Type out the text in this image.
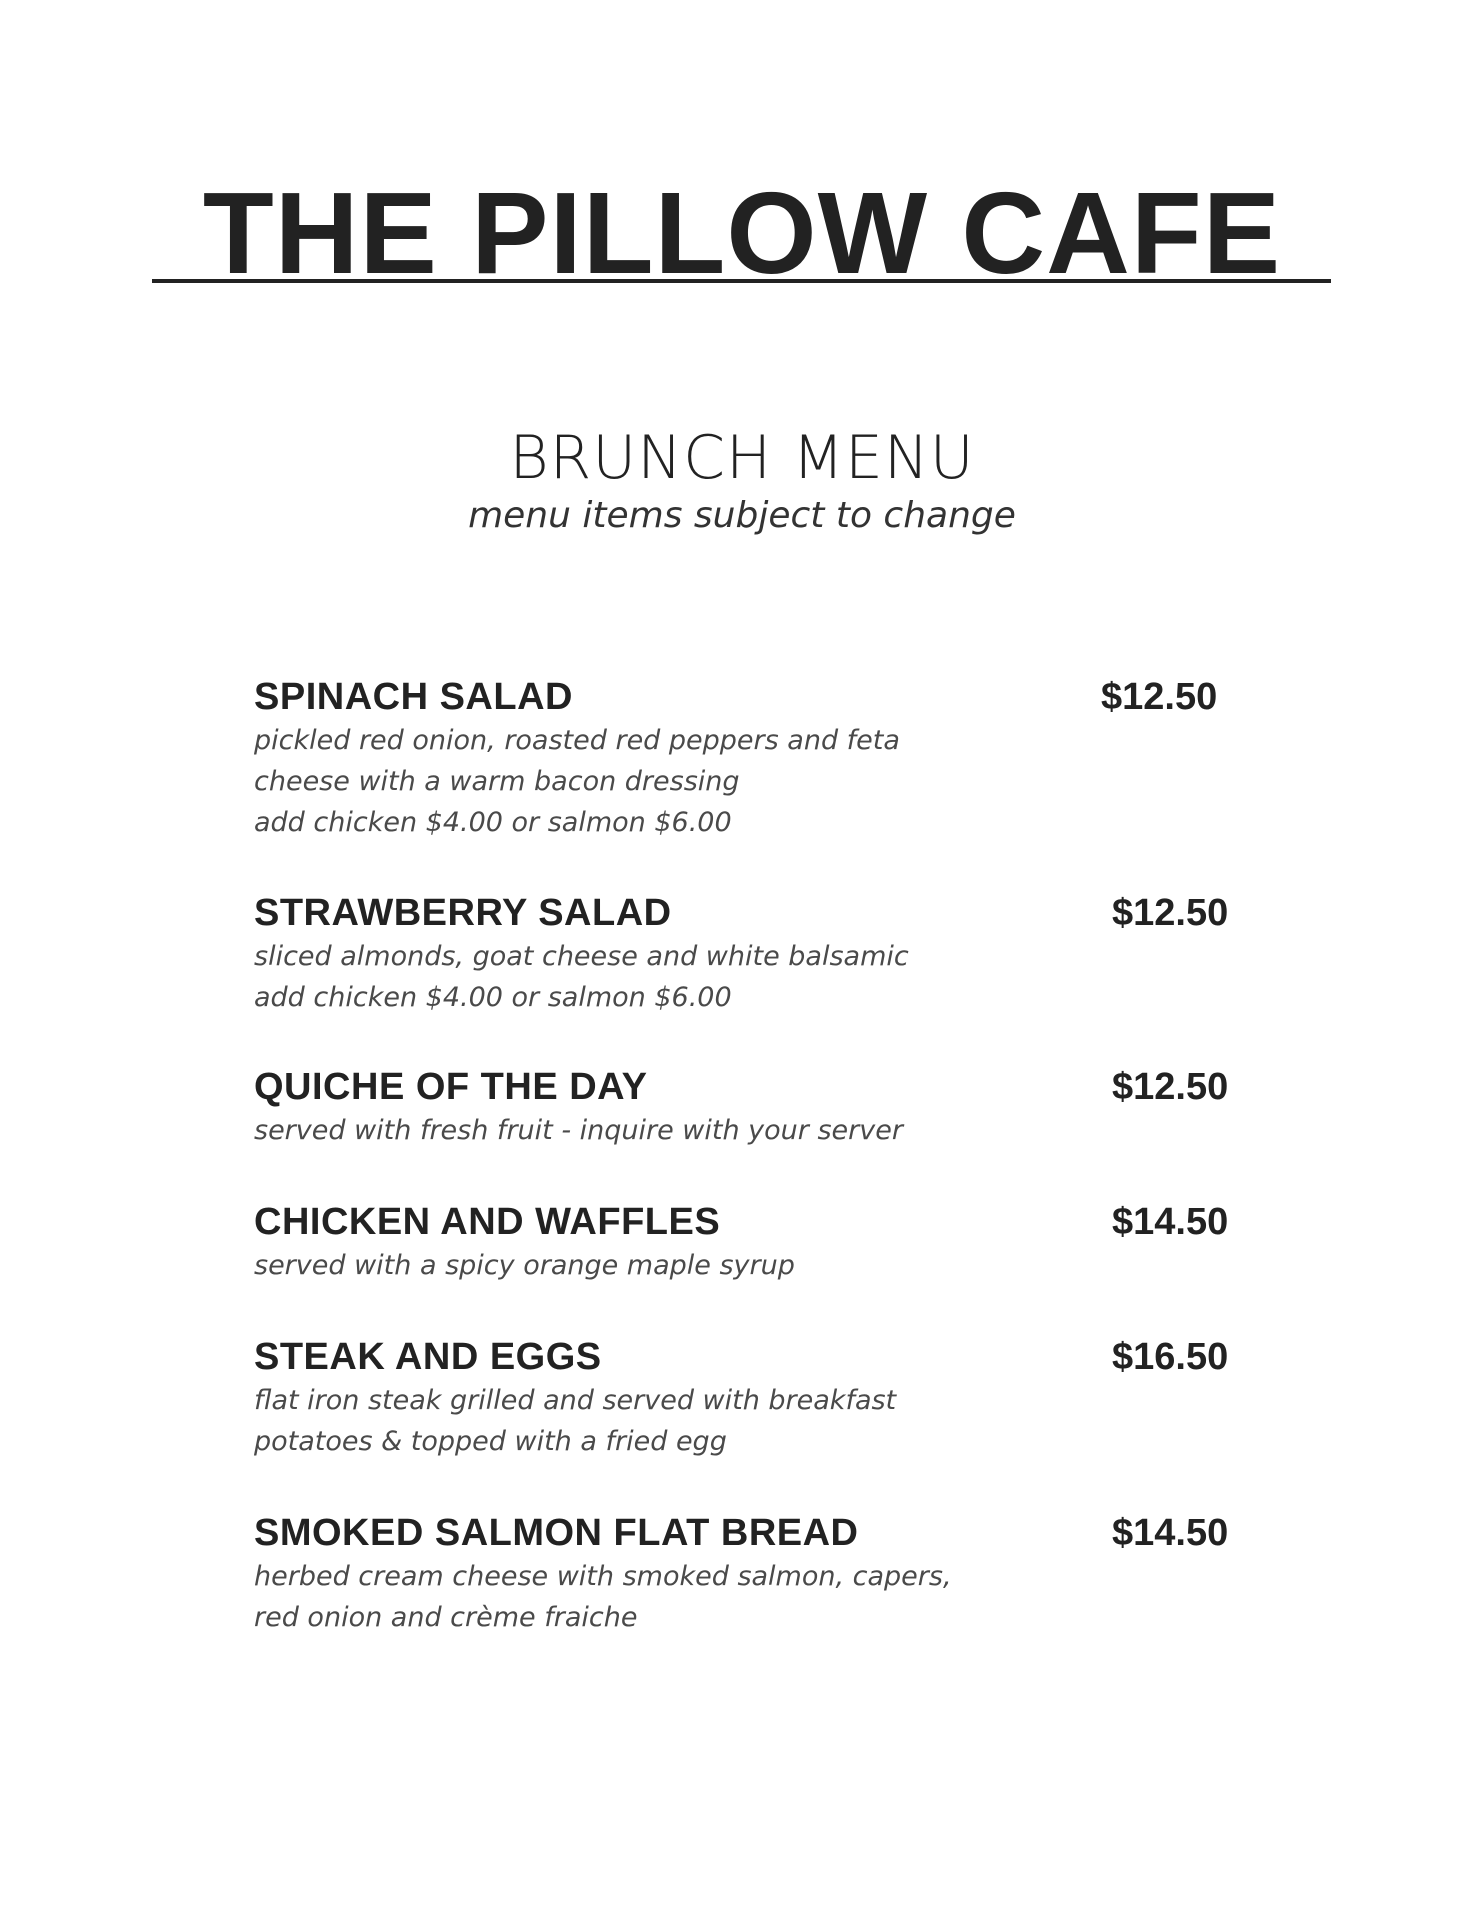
THE PILLOW CAFE
BRUNCH MENU
menu items subject to change
SPINACH SALAD	$12.50
pickled red onion, roasted red peppers and feta
cheese with a warm bacon dressing
add chicken $4.00 or salmon $6.00
STRAWBERRY SALAD	$12.50
sliced almonds, goat cheese and white balsamic
add chicken $4.00 or salmon $6.00
QUICHE OF THE DAY	$12.50
served with fresh fruit - inquire with your server
CHICKEN AND WAFFLES	$14.50
served with a spicy orange maple syrup
STEAK AND EGGS	$16.50
flat iron steak grilled and served with breakfast
potatoes & topped with a fried egg
SMOKED SALMON FLAT BREAD	$14.50
herbed cream cheese with smoked salmon, capers,
red onion and crème fraiche
